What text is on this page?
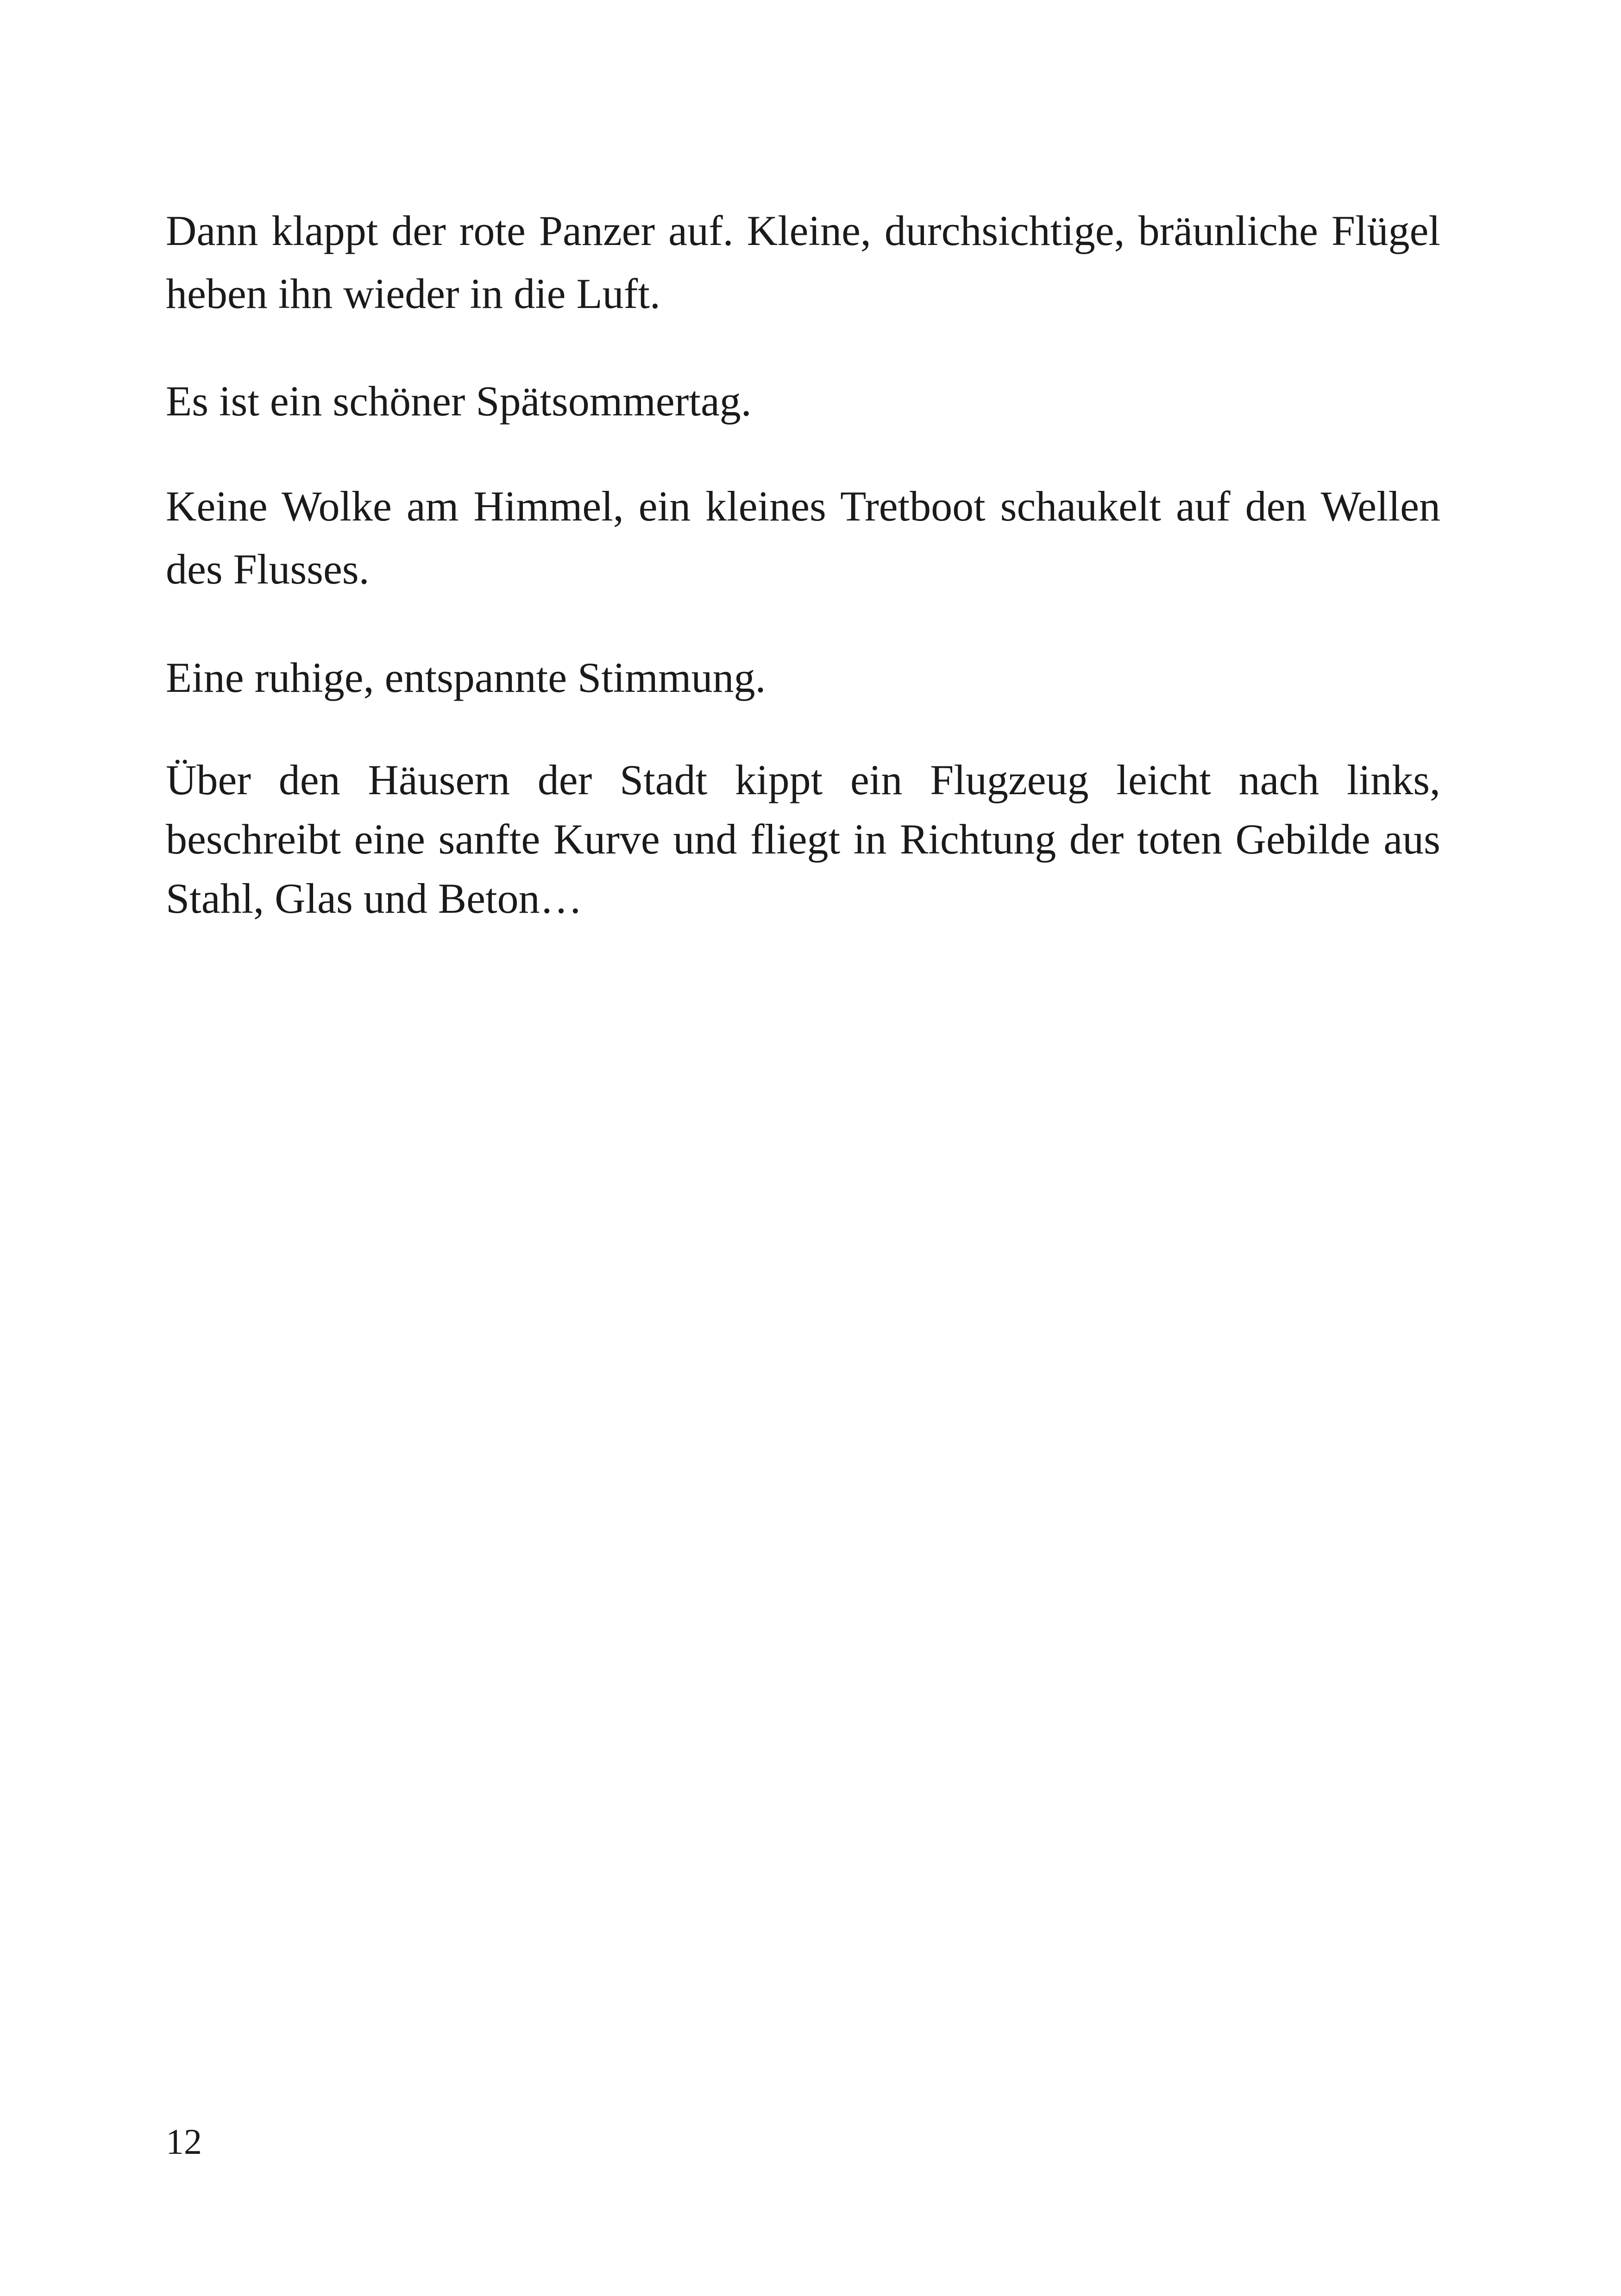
Dann klappt der rote Panzer auf. Kleine, durchsichtige, bräunliche Flügel heben ihn wieder in die Luft.

Es ist ein schöner Spätsommertag.

Keine Wolke am Himmel, ein kleines Tretboot schaukelt auf den Wellen des Flusses.

Eine ruhige, entspannte Stimmung.

Über den Häusern der Stadt kippt ein Flugzeug leicht nach links, beschreibt eine sanfte Kurve und fliegt in Richtung der toten Gebilde aus Stahl, Glas und Beton…

12
